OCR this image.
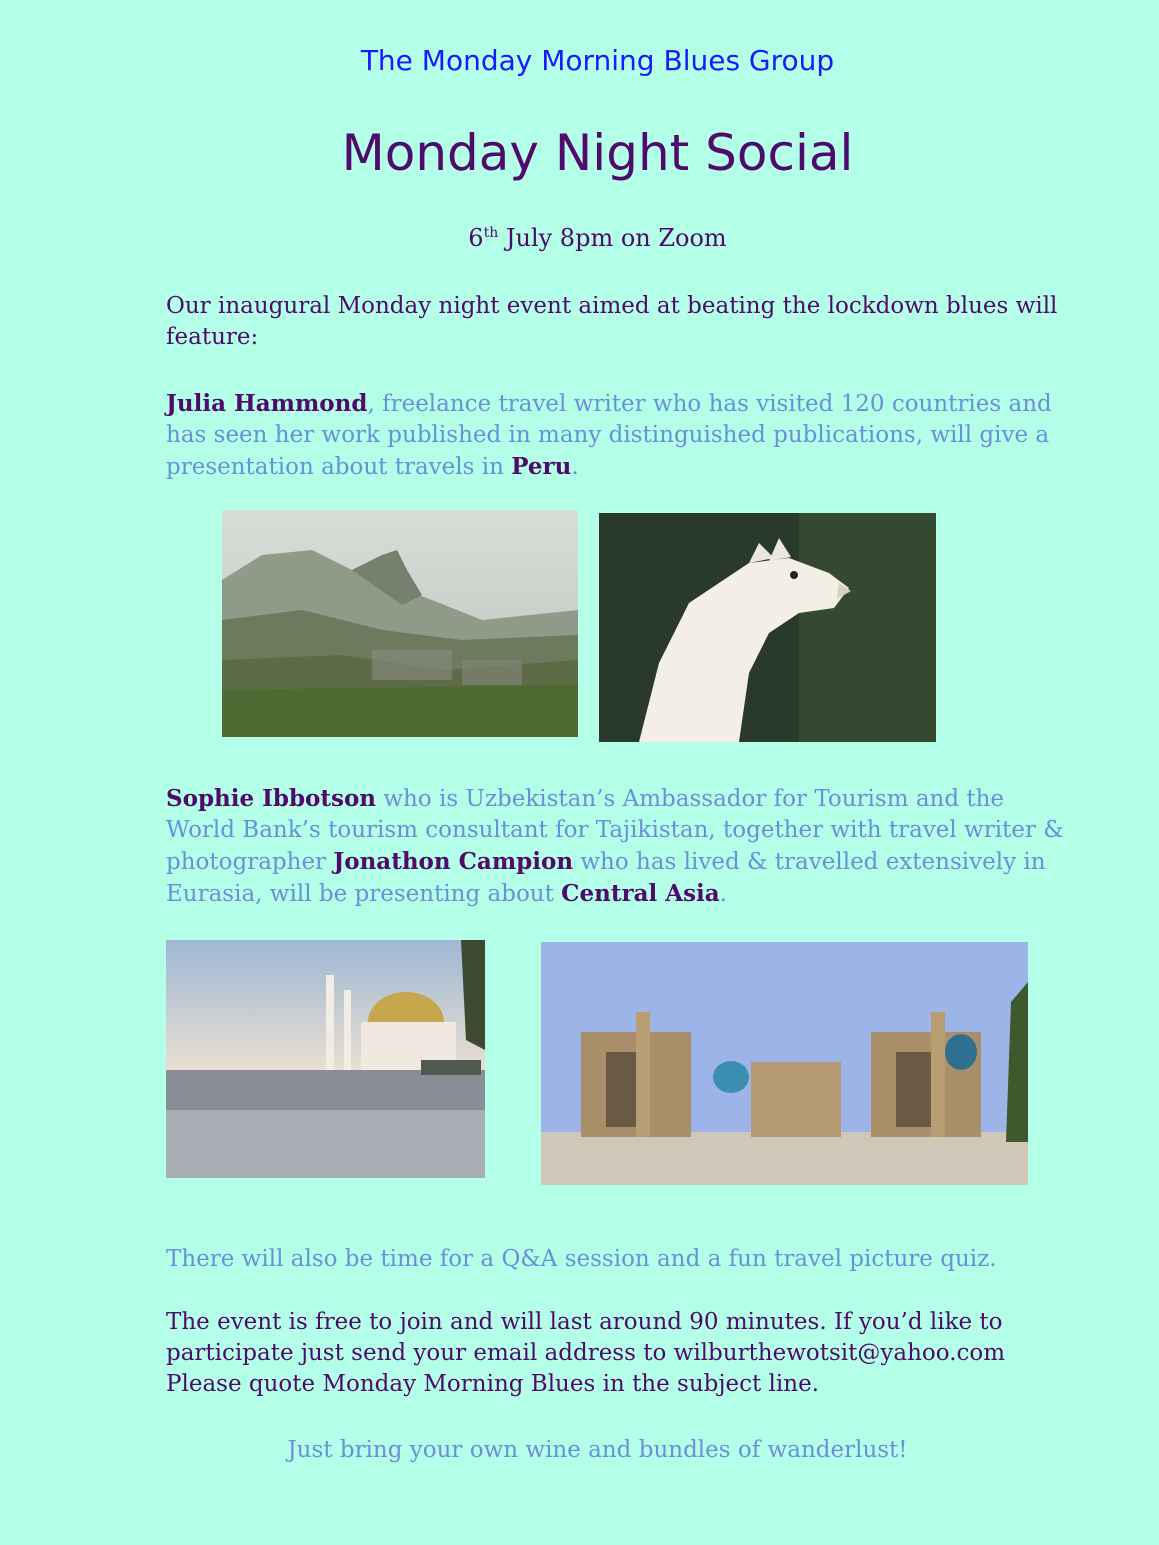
The Monday Morning Blues Group
Monday Night Social
6th July 8pm on Zoom
Our inaugural Monday night event aimed at beating the lockdown blues will feature:
Julia Hammond, freelance travel writer who has visited 120 countries and has seen her work published in many distinguished publications, will give a presentation about travels in Peru.
Sophie Ibbotson who is Uzbekistan’s Ambassador for Tourism and the World Bank’s tourism consultant for Tajikistan, together with travel writer & photographer Jonathon Campion who has lived & travelled extensively in Eurasia, will be presenting about Central Asia.
There will also be time for a Q&A session and a fun travel picture quiz.
The event is free to join and will last around 90 minutes. If you’d like to participate just send your email address to wilburthewotsit@yahoo.com
Please quote Monday Morning Blues in the subject line.
Just bring your own wine and bundles of wanderlust!
